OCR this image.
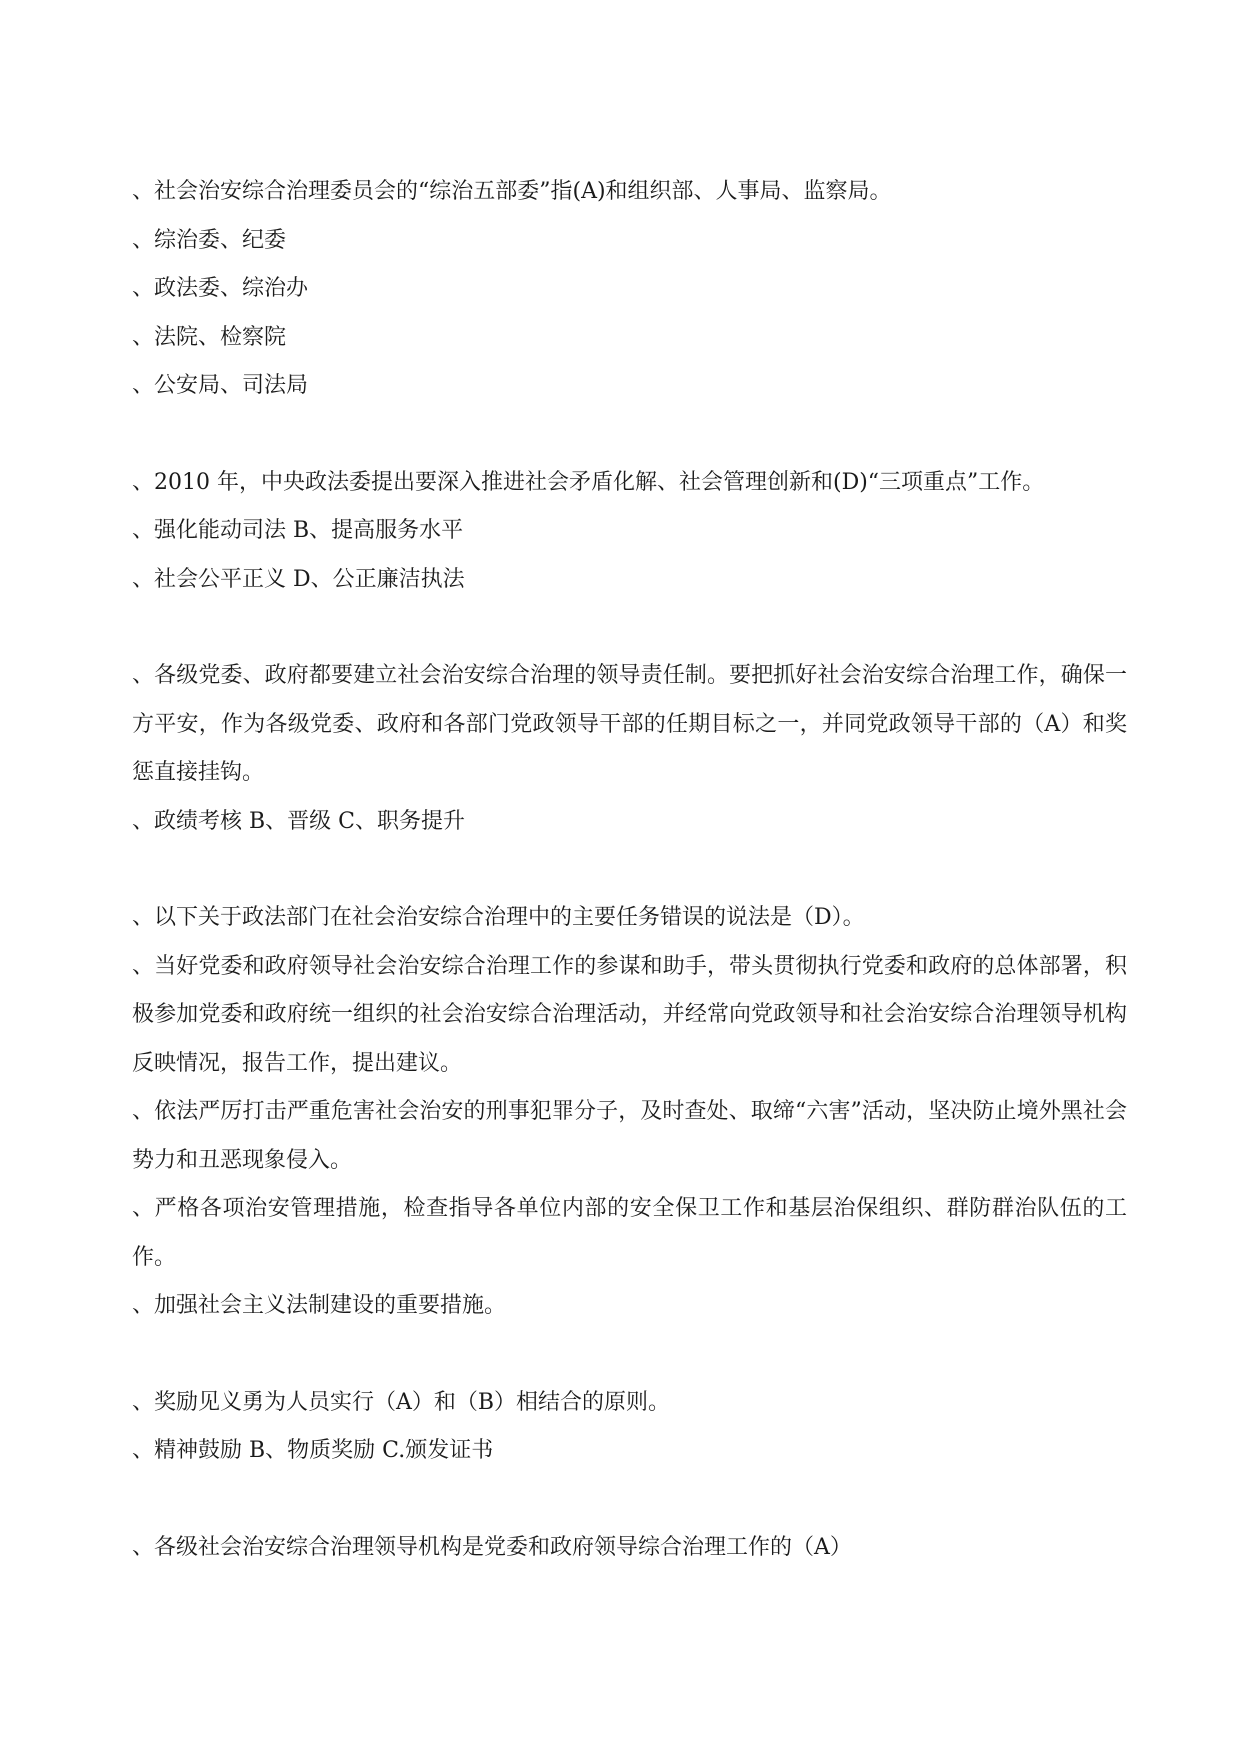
、社会治安综合治理委员会的“综治五部委”指(A)和组织部、人事局、监察局。
、综治委、纪委
、政法委、综治办
、法院、检察院
、公安局、司法局
、2010 年，中央政法委提出要深入推进社会矛盾化解、社会管理创新和(D)“三项重点”工作。
、强化能动司法 B、提高服务水平
、社会公平正义 D、公正廉洁执法
、各级党委、政府都要建立社会治安综合治理的领导责任制。要把抓好社会治安综合治理工作，确保一方平安，作为各级党委、政府和各部门党政领导干部的任期目标之一，并同党政领导干部的（A）和奖惩直接挂钩。
、政绩考核 B、晋级 C、职务提升
、以下关于政法部门在社会治安综合治理中的主要任务错误的说法是（D）。
、当好党委和政府领导社会治安综合治理工作的参谋和助手，带头贯彻执行党委和政府的总体部署，积极参加党委和政府统一组织的社会治安综合治理活动，并经常向党政领导和社会治安综合治理领导机构反映情况，报告工作，提出建议。
、依法严厉打击严重危害社会治安的刑事犯罪分子，及时查处、取缔“六害”活动，坚决防止境外黑社会势力和丑恶现象侵入。
、严格各项治安管理措施，检查指导各单位内部的安全保卫工作和基层治保组织、群防群治队伍的工作。
、加强社会主义法制建设的重要措施。
、奖励见义勇为人员实行（A）和（B）相结合的原则。
、精神鼓励 B、物质奖励 C.颁发证书
、各级社会治安综合治理领导机构是党委和政府领导综合治理工作的（A）
